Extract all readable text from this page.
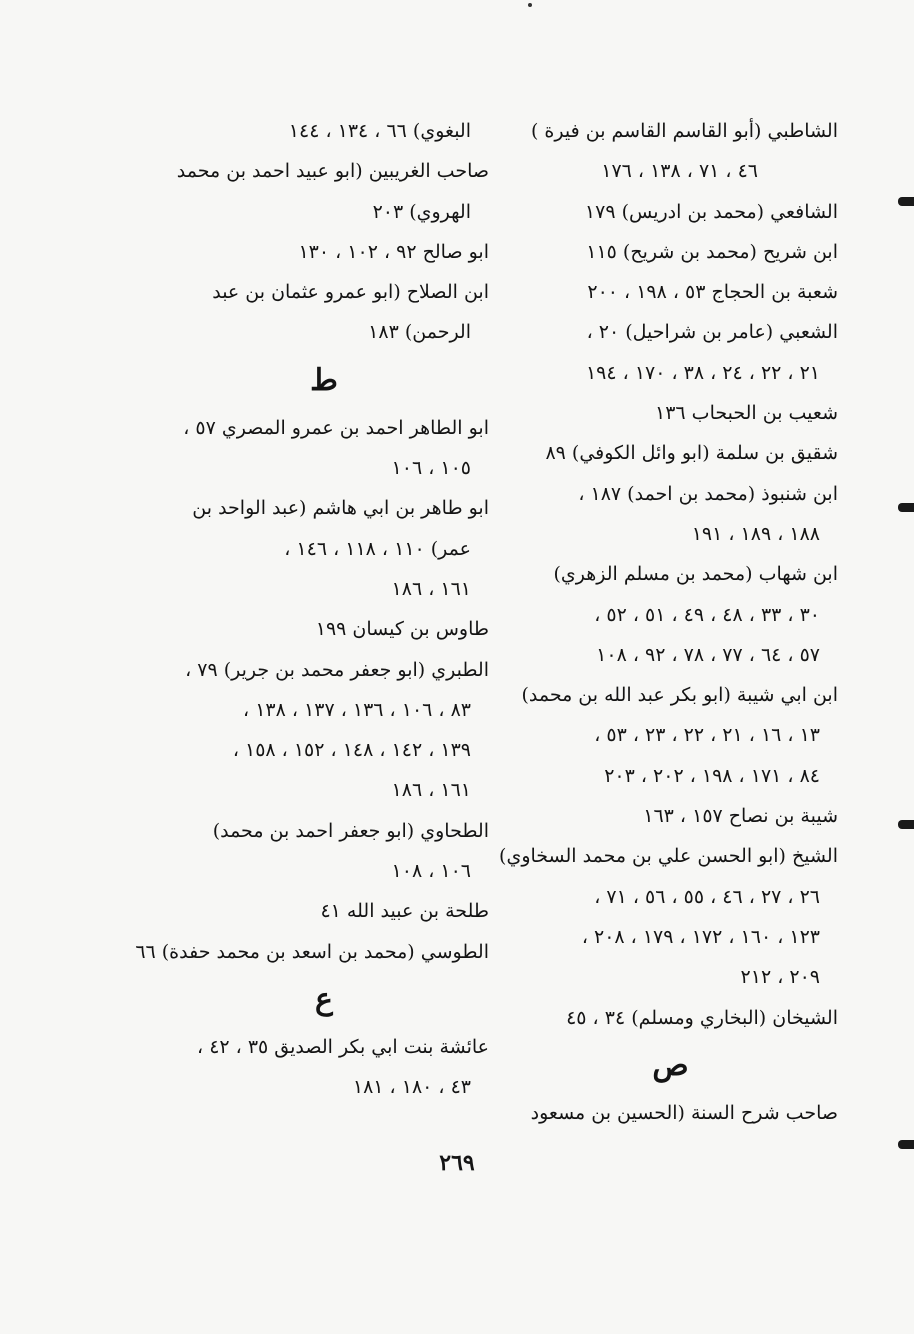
الشاطبي (أبو القاسم القاسم بن فيرة )
٤٦ ، ٧١ ، ١٣٨ ، ١٧٦
الشافعي (محمد بن ادريس) ١٧٩
ابن شريح (محمد بن شريح) ١١٥
شعبة بن الحجاج ٥٣ ، ١٩٨ ، ٢٠٠
الشعبي (عامر بن شراحيل) ٢٠ ،
٢١ ، ٢٢ ، ٢٤ ، ٣٨ ، ١٧٠ ، ١٩٤
شعيب بن الحبحاب ١٣٦
شقيق بن سلمة (ابو وائل الكوفي) ٨٩
ابن شنبوذ (محمد بن احمد) ١٨٧ ،
١٨٨ ، ١٨٩ ، ١٩١
ابن شهاب (محمد بن مسلم الزهري)
٣٠ ، ٣٣ ، ٤٨ ، ٤٩ ، ٥١ ، ٥٢ ،
٥٧ ، ٦٤ ، ٧٧ ، ٧٨ ، ٩٢ ، ١٠٨
ابن ابي شيبة (ابو بكر عبد الله بن محمد)
١٣ ، ١٦ ، ٢١ ، ٢٢ ، ٢٣ ، ٥٣ ،
٨٤ ، ١٧١ ، ١٩٨ ، ٢٠٢ ، ٢٠٣
شيبة بن نصاح ١٥٧ ، ١٦٣
الشيخ (ابو الحسن علي بن محمد السخاوي)
٢٦ ، ٢٧ ، ٤٦ ، ٥٥ ، ٥٦ ، ٧١ ،
١٢٣ ، ١٦٠ ، ١٧٢ ، ١٧٩ ، ٢٠٨ ،
٢٠٩ ، ٢١٢
الشيخان (البخاري ومسلم) ٣٤ ، ٤٥
ص
صاحب شرح السنة (الحسين بن مسعود
البغوي) ٦٦ ، ١٣٤ ، ١٤٤
صاحب الغريبين (ابو عبيد احمد بن محمد
الهروي) ٢٠٣
ابو صالح ٩٢ ، ١٠٢ ، ١٣٠
ابن الصلاح (ابو عمرو عثمان بن عبد
الرحمن) ١٨٣
ط
ابو الطاهر احمد بن عمرو المصري ٥٧ ،
١٠٥ ، ١٠٦
ابو طاهر بن ابي هاشم (عبد الواحد بن
عمر) ١١٠ ، ١١٨ ، ١٤٦ ،
١٦١ ، ١٨٦
طاوس بن كيسان ١٩٩
الطبري (ابو جعفر محمد بن جرير) ٧٩ ،
٨٣ ، ١٠٦ ، ١٣٦ ، ١٣٧ ، ١٣٨ ،
١٣٩ ، ١٤٢ ، ١٤٨ ، ١٥٢ ، ١٥٨ ،
١٦١ ، ١٨٦
الطحاوي (ابو جعفر احمد بن محمد)
١٠٦ ، ١٠٨
طلحة بن عبيد الله ٤١
الطوسي (محمد بن اسعد بن محمد حفدة) ٦٦
ع
عائشة بنت ابي بكر الصديق ٣٥ ، ٤٢ ،
٤٣ ، ١٨٠ ، ١٨١
٢٦٩
